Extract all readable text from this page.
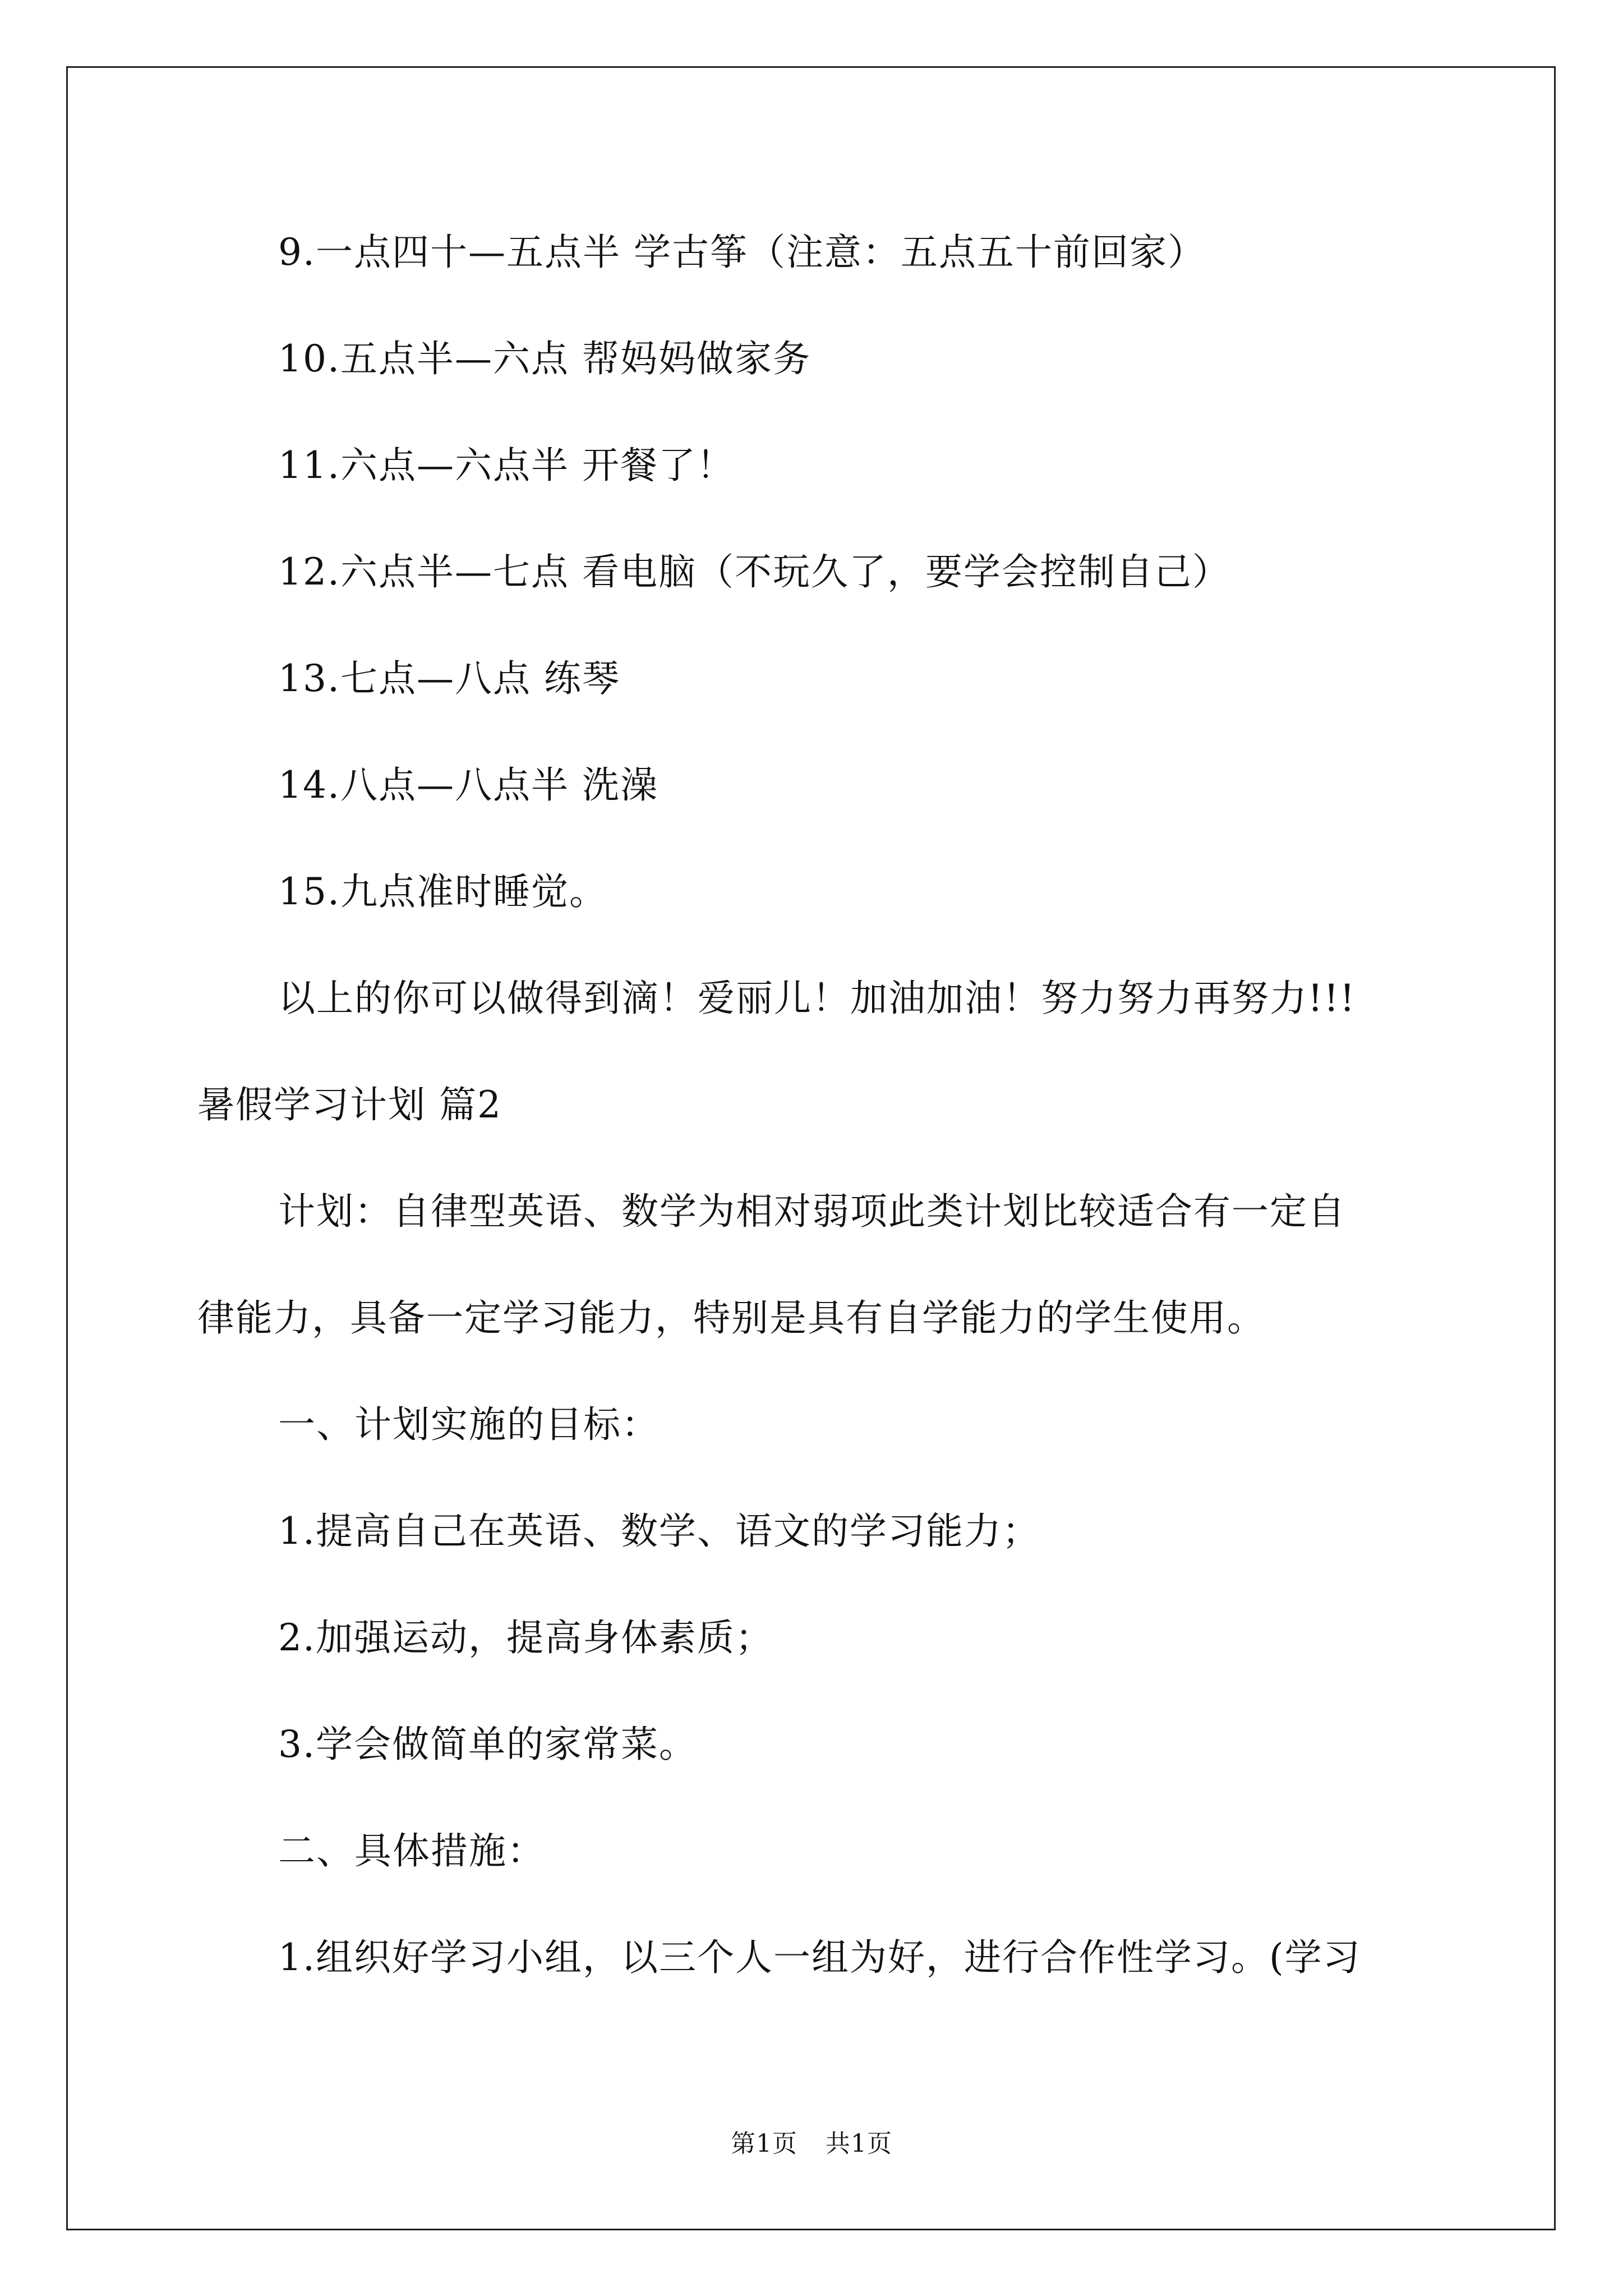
9.一点四十—五点半 学古筝（注意：五点五十前回家）
10.五点半—六点 帮妈妈做家务
11.六点—六点半 开餐了！
12.六点半—七点 看电脑（不玩久了，要学会控制自己）
13.七点—八点 练琴
14.八点—八点半 洗澡
15.九点准时睡觉。
以上的你可以做得到滴！爱丽儿！加油加油！努力努力再努力!!!
暑假学习计划 篇2
计划：自律型英语、数学为相对弱项此类计划比较适合有一定自
律能力，具备一定学习能力，特别是具有自学能力的学生使用。
一、计划实施的目标：
1.提高自己在英语、数学、语文的学习能力；
2.加强运动，提高身体素质；
3.学会做简单的家常菜。
二、具体措施：
1.组织好学习小组，以三个人一组为好，进行合作性学习。(学习
第1页 共1页
